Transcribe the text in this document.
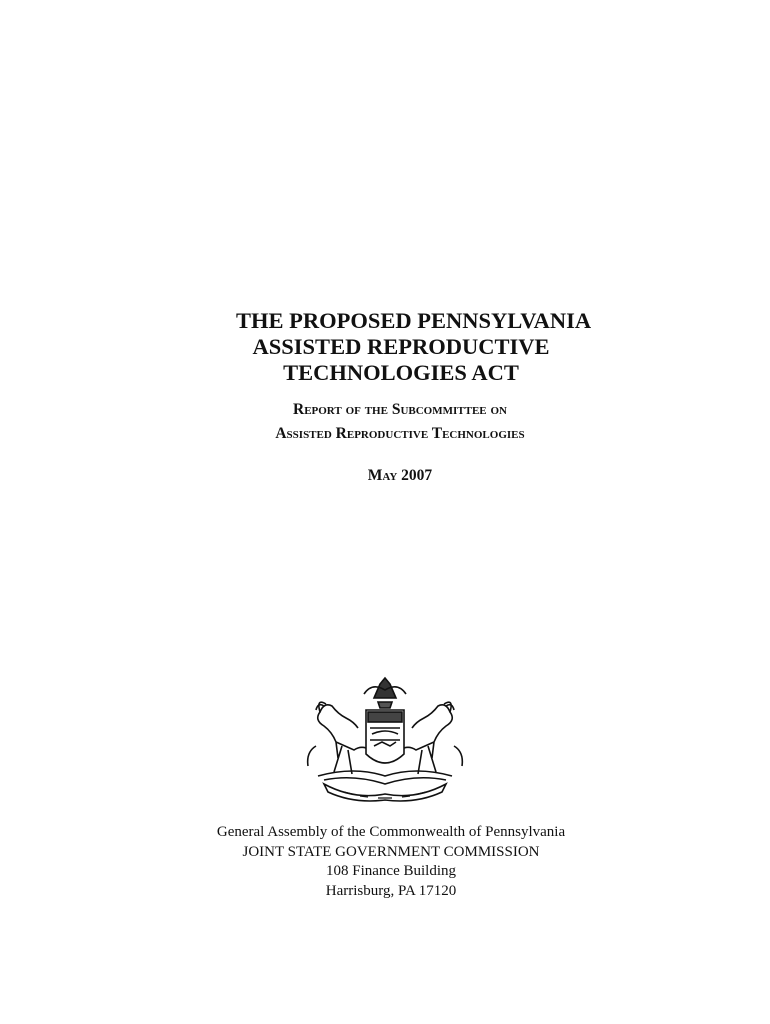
THE PROPOSED PENNSYLVANIA
ASSISTED REPRODUCTIVE
TECHNOLOGIES ACT
Report of the Subcommittee on
Assisted Reproductive Technologies
May 2007
General Assembly of the Commonwealth of Pennsylvania
JOINT STATE GOVERNMENT COMMISSION
108 Finance Building
Harrisburg, PA 17120
